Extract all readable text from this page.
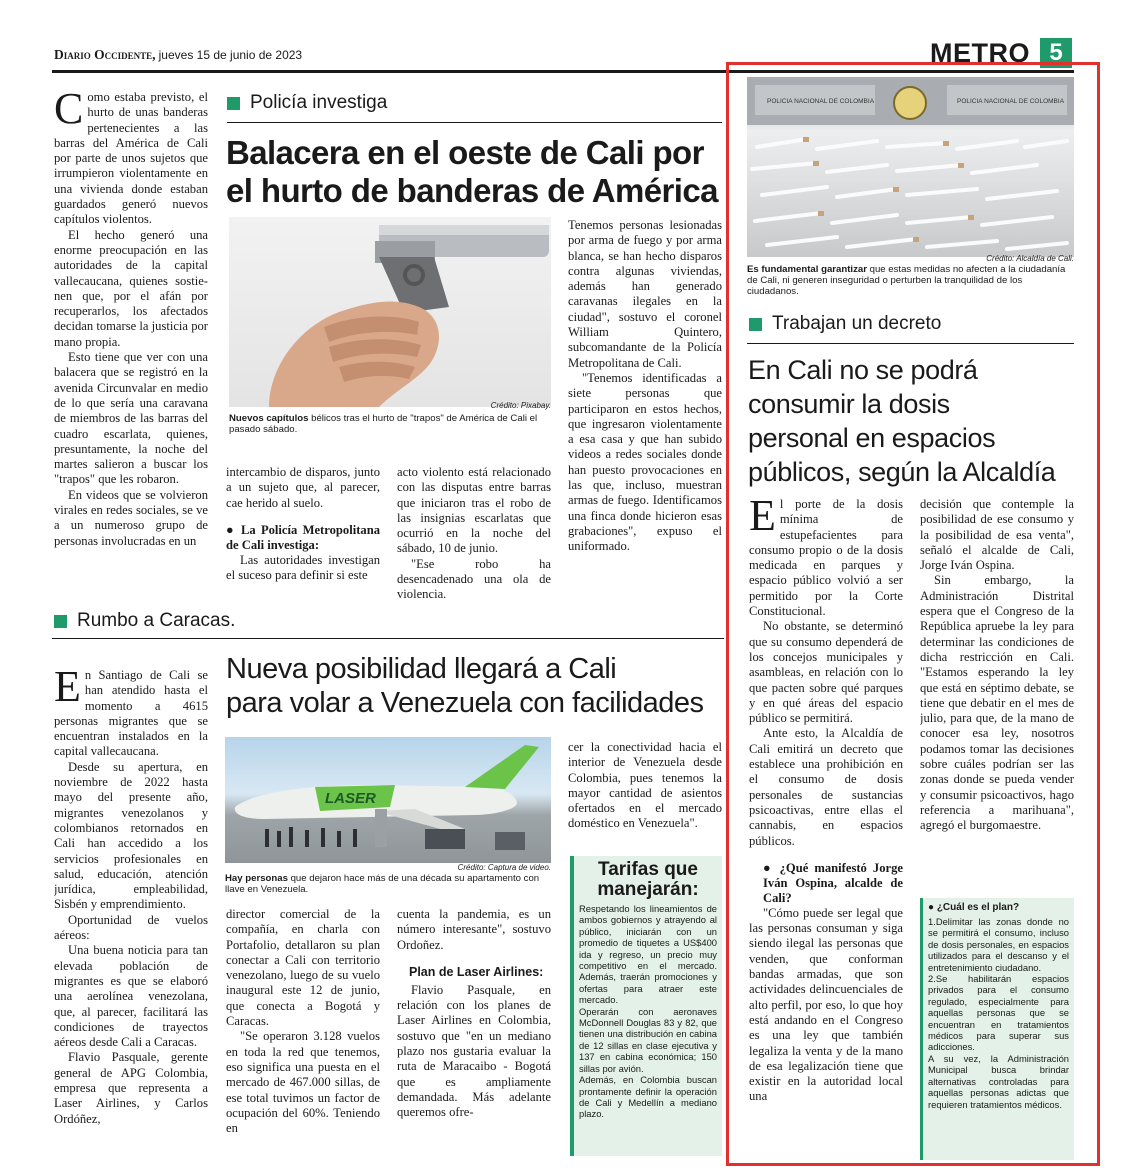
Diario Occidente, jueves 15 de junio de 2023	METRO 5

Como estaba previsto, el hurto de unas banderas pertenecientes a las barras del América de Cali por parte de unos sujetos que irrumpieron violentamente en una vivienda donde estaban guardados generó nuevos capítulos violentos.

El hecho generó una enorme preocupación en las autoridades de la capital vallecaucana, quienes sostie-nen que, por el afán por recuperarlos, los afectados decidan tomarse la justicia por mano propia.

Esto tiene que ver con una balacera que se registró en la avenida Circunvalar en medio de lo que sería una caravana de miembros de las barras del cuadro escarlata, quienes, presuntamente, la noche del martes salieron a buscar los "trapos" que les robaron.

En videos que se volvieron virales en redes sociales, se ve a un numeroso grupo de personas involucradas en un

Policía investiga
Balacera en el oeste de Cali por
el hurto de banderas de América
Crédito: Pixabay.
Nuevos capítulos bélicos tras el hurto de "trapos" de América de Cali el pasado sábado.

intercambio de disparos, junto a un sujeto que, al parecer, cae herido al suelo.

● La Policía Metropolitana de Cali investiga:

Las autoridades investigan el suceso para definir si este

acto violento está relacionado con las disputas entre barras que iniciaron tras el robo de las insignias escarlatas que ocurrió en la noche del sábado, 10 de junio.

"Ese robo ha desencadenado una ola de violencia.

Tenemos personas lesionadas por arma de fuego y por arma blanca, se han hecho disparos contra algunas viviendas, además han generado caravanas ilegales en la ciudad", sostuvo el coronel William Quintero, subcomandante de la Policía Metropolitana de Cali.

"Tenemos identificadas a siete personas que participaron en estos hechos, que ingresaron violentamente a esa casa y que han subido videos a redes sociales donde han puesto provocaciones en las que, incluso, muestran armas de fuego. Identificamos una finca donde hicieron esas grabaciones", expuso el uniformado.

Rumbo a Caracas.

En Santiago de Cali se han atendido hasta el momento a 4615 personas migrantes que se encuentran instalados en la capital vallecaucana.

Desde su apertura, en noviembre de 2022 hasta mayo del presente año, migrantes venezolanos y colombianos retornados en Cali han accedido a los servicios profesionales en salud, educación, atención jurídica, empleabilidad, Sisbén y emprendimiento.

Oportunidad de vuelos aéreos:

Una buena noticia para tan elevada población de migrantes es que se elaboró una aerolínea venezolana, que, al parecer, facilitará las condiciones de trayectos aéreos desde Cali a Caracas.

Flavio Pasquale, gerente general de APG Colombia, empresa que representa a Laser Airlines, y Carlos Ordóñez,

Nueva posibilidad llegará a Cali
para volar a Venezuela con facilidades
LASER
Crédito: Captura de video.
Hay personas que dejaron hace más de una década su apartamento con llave en Venezuela.

director comercial de la compañía, en charla con Portafolio, detallaron su plan conectar a Cali con territorio venezolano, luego de su vuelo inaugural este 12 de junio, que conecta a Bogotá y Caracas.

"Se operaron 3.128 vuelos en toda la red que tenemos, eso significa una puesta en el mercado de 467.000 sillas, de ese total tuvimos un factor de ocupación del 60%. Teniendo en

cuenta la pandemia, es un número interesante", sostuvo Ordoñez.

Plan de Laser Airlines:

Flavio Pasquale, en relación con los planes de Laser Airlines en Colombia, sostuvo que "en un mediano plazo nos gustaria evaluar la ruta de Maracaibo - Bogotá que es ampliamente demandada. Más adelante queremos ofre-

cer la conectividad hacia el interior de Venezuela desde Colombia, pues tenemos la mayor cantidad de asientos ofertados en el mercado doméstico en Venezuela".

Tarifas que
manejarán:

Respetando los lineamientos de ambos gobiernos y atrayendo al público, iniciarán con un promedio de tiquetes a US$400 ida y regreso, un precio muy competitivo en el mercado. Además, traerán promociones y ofertas para atraer este mercado.

Operarán con aeronaves McDonnell Douglas 83 y 82, que tienen una distribución en cabina de 12 sillas en clase ejecutiva y 137 en cabina económica; 150 sillas por avión.

Además, en Colombia buscan prontamente definir la operación de Cali y Medellín a mediano plazo.

POLICIA NACIONAL DE COLOMBIA	POLICIA NACIONAL DE COLOMBIA
Crédito: Alcaldía de Cali.
Es fundamental garantizar que estas medidas no afecten a la ciudadanía de Cali, ni generen inseguridad o perturben la tranquilidad de los ciudadanos.
Trabajan un decreto
En Cali no se podrá
consumir la dosis
personal en espacios
públicos, según la Alcaldía

El porte de la dosis mínima de estupefacientes para consumo propio o de la dosis medicada en parques y espacio público volvió a ser permitido por la Corte Constitucional.

No obstante, se determinó que su consumo dependerá de los concejos municipales y asambleas, en relación con lo que pacten sobre qué parques y en qué áreas del espacio público se permitirá.

Ante esto, la Alcaldía de Cali emitirá un decreto que establece una prohibición en el consumo de dosis personales de sustancias psicoactivas, entre ellas el cannabis, en espacios públicos.

● ¿Qué manifestó Jorge Iván Ospina, alcalde de Cali?

"Cómo puede ser legal que las personas consuman y siga siendo ilegal las personas que venden, que conforman bandas armadas, que son actividades delincuenciales de alto perfil, por eso, lo que hoy está andando en el Congreso es una ley que también legaliza la venta y de la mano de esa legalización tiene que existir en la autoridad local una

decisión que contemple la posibilidad de ese consumo y la posibilidad de esa venta", señaló el alcalde de Cali, Jorge Iván Ospina.

Sin embargo, la Administración Distrital espera que el Congreso de la República apruebe la ley para determinar las condiciones de dicha restricción en Cali. "Estamos esperando la ley que está en séptimo debate, se tiene que debatir en el mes de julio, para que, de la mano de conocer esa ley, nosotros podamos tomar las decisiones sobre cuáles podrían ser las zonas donde se pueda vender y consumir psicoactivos, hago referencia a marihuana", agregó el burgomaestre.

● ¿Cuál es el plan?

1.Delimitar las zonas donde no se permitirá el consumo, incluso de dosis personales, en espacios utilizados para el descanso y el entretenimiento ciudadano.

2.Se habilitarán espacios privados para el consumo regulado, especialmente para aquellas personas que se encuentran en tratamientos médicos para superar sus adicciones.

A su vez, la Administración Municipal busca brindar alternativas controladas para aquellas personas adictas que requieren tratamientos médicos.
